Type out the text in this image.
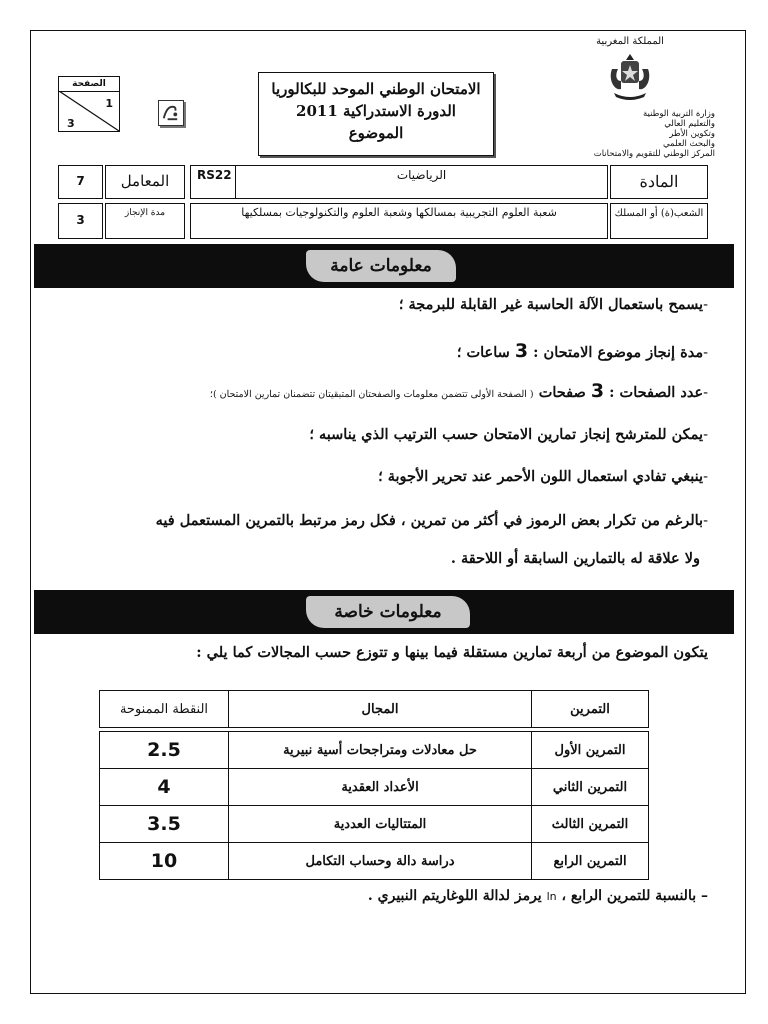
المملكة المغربية
وزارة التربية الوطنية
والتعليم العالي
وتكوين الأطر
والبحث العلمي
المركز الوطني للتقويم والامتحانات
الامتحان الوطني الموحد للبكالوريا
الدورة الاستدراكية 2011
الموضوع
الصفحة
1
3
المادة
الرياضيات
RS22
المعامل
7
الشعب(ة) أو المسلك
شعبة العلوم التجريبية بمسالكها وشعبة العلوم والتكنولوجيات بمسلكيها
مدة الإنجاز
3
معلومات عامة
-يسمح باستعمال الآلة الحاسبة غير القابلة للبرمجة ؛
-مدة إنجاز موضوع الامتحان : 3 ساعات ؛
-عدد الصفحات : 3 صفحات ( الصفحة الأولى تتضمن معلومات والصفحتان المتبقيتان تتضمنان تمارين الامتحان )؛
-يمكن للمترشح إنجاز تمارين الامتحان حسب الترتيب الذي يناسبه ؛
-ينبغي تفادي استعمال اللون الأحمر عند تحرير الأجوبة ؛
-بالرغم من تكرار بعض الرموز في أكثر من تمرين ، فكل رمز مرتبط بالتمرين المستعمل فيه
ولا علاقة له بالتمارين السابقة أو اللاحقة .
معلومات خاصة
يتكون الموضوع من أربعة تمارين مستقلة فيما بينها و تتوزع حسب المجالات كما يلي :
التمرين	المجال	النقطة الممنوحة

التمرين الأول	حل معادلات ومتراجحات أسية نبيرية	2.5
التمرين الثاني	الأعداد العقدية	4
التمرين الثالث	المتتاليات العددية	3.5
التمرين الرابع	دراسة دالة وحساب التكامل	10
– بالنسبة للتمرين الرابع ، ln يرمز لدالة اللوغاريتم النبيري .
